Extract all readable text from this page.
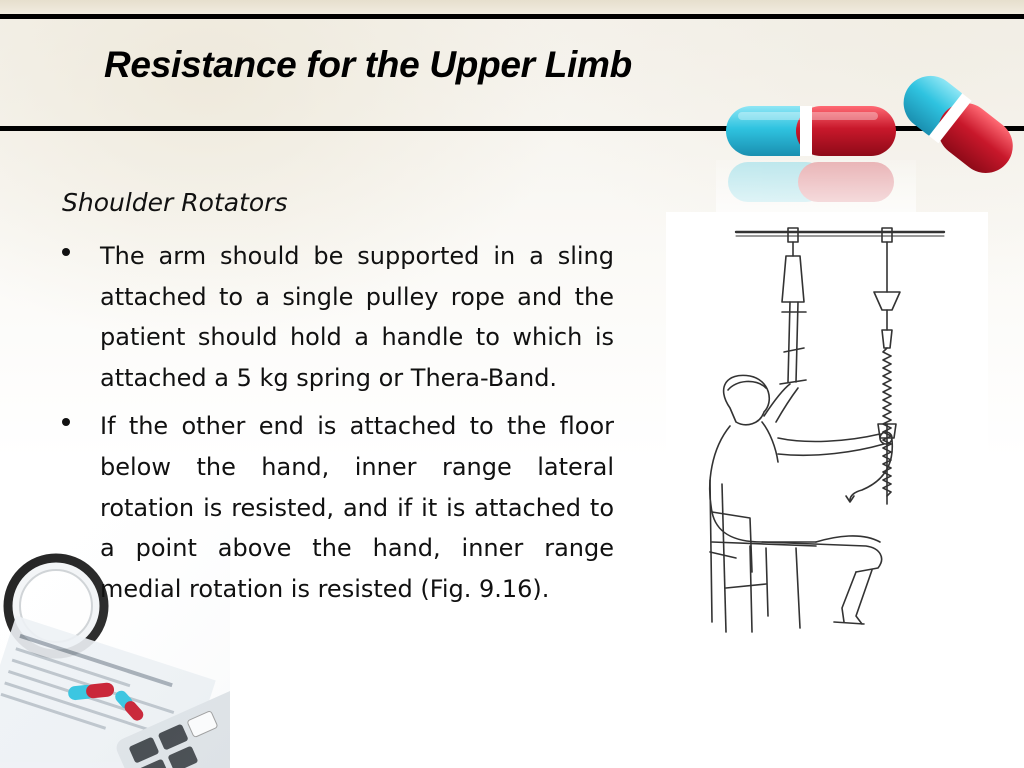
Resistance for the Upper Limb
Shoulder Rotators

The arm should be supported in a sling attached to a single pulley rope and the patient should hold a handle to which is attached a 5 kg spring or Thera-Band.

If the other end is attached to the floor below the hand, inner range lateral rotation is resisted, and if it is attached to a point above the hand, inner range medial rotation is resisted (Fig. 9.16).
